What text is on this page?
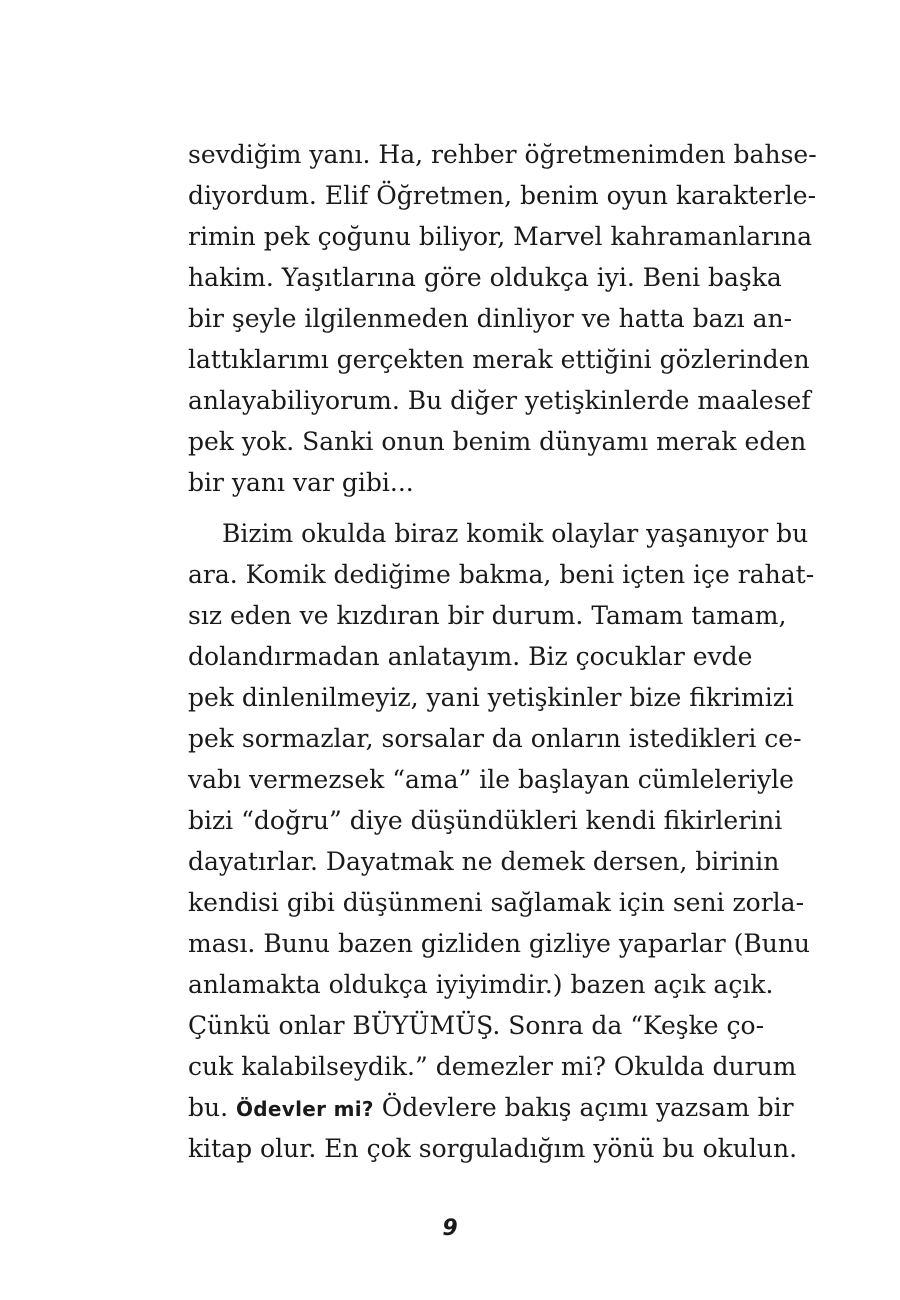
sevdiğim yanı. Ha, rehber öğretmenimden bahse-
diyordum. Elif Öğretmen, benim oyun karakterle-
rimin pek çoğunu biliyor, Marvel kahramanlarına
hakim. Yaşıtlarına göre oldukça iyi. Beni başka
bir şeyle ilgilenmeden dinliyor ve hatta bazı an-
lattıklarımı gerçekten merak ettiğini gözlerinden
anlayabiliyorum. Bu diğer yetişkinlerde maalesef
pek yok. Sanki onun benim dünyamı merak eden
bir yanı var gibi...
Bizim okulda biraz komik olaylar yaşanıyor bu
ara. Komik dediğime bakma, beni içten içe rahat-
sız eden ve kızdıran bir durum. Tamam tamam,
dolandırmadan anlatayım. Biz çocuklar evde
pek dinlenilmeyiz, yani yetişkinler bize fikrimizi
pek sormazlar, sorsalar da onların istedikleri ce-
vabı vermezsek “ama” ile başlayan cümleleriyle
bizi “doğru” diye düşündükleri kendi fikirlerini
dayatırlar. Dayatmak ne demek dersen, birinin
kendisi gibi düşünmeni sağlamak için seni zorla-
ması. Bunu bazen gizliden gizliye yaparlar (Bunu
anlamakta oldukça iyiyimdir.) bazen açık açık.
Çünkü onlar BÜYÜMÜŞ. Sonra da “Keşke ço-
cuk kalabilseydik.” demezler mi? Okulda durum
bu. Ödevler mi? Ödevlere bakış açımı yazsam bir
kitap olur. En çok sorguladığım yönü bu okulun.
9
